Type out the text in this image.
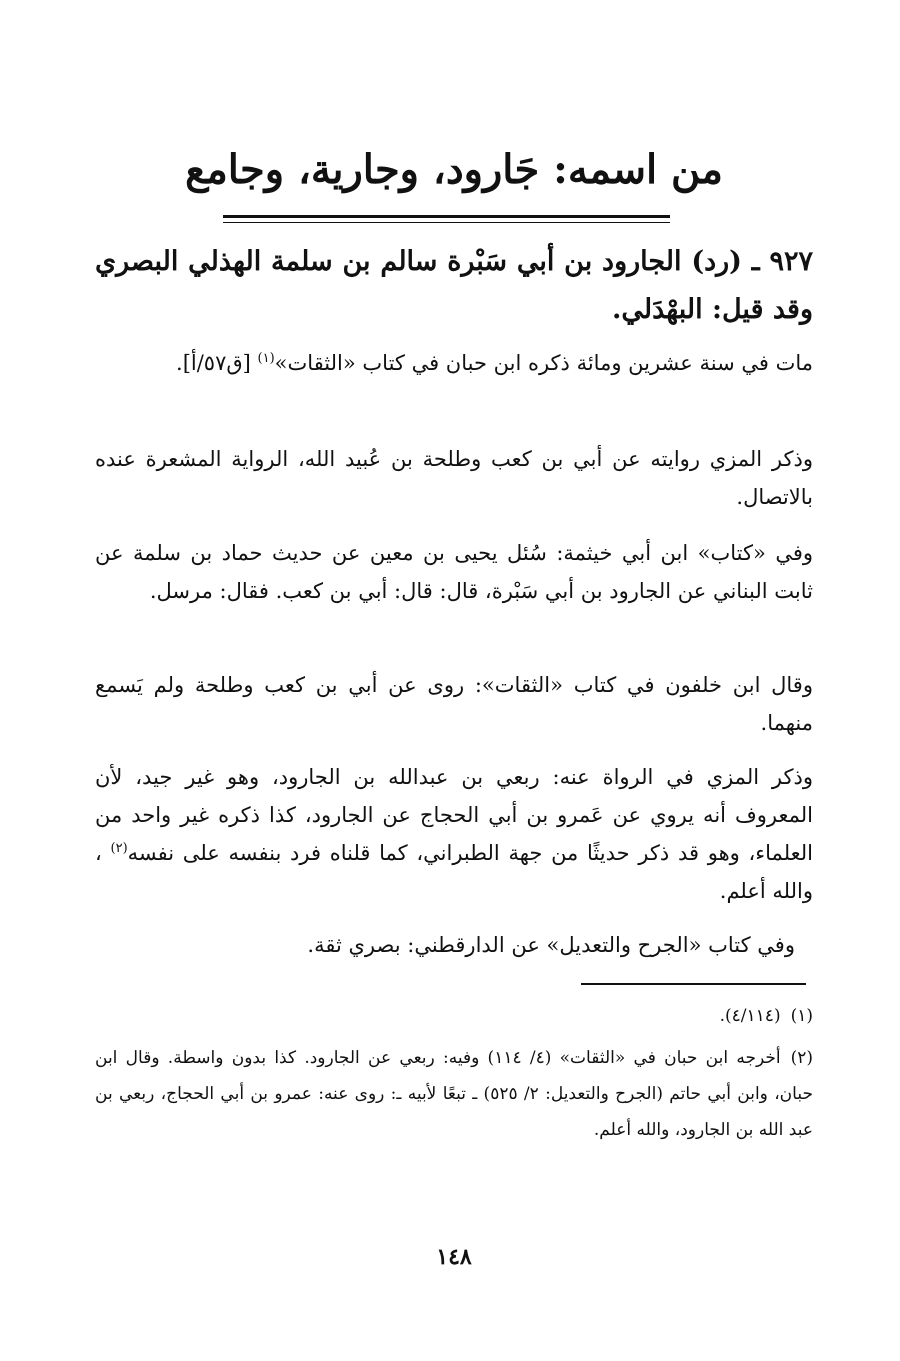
من اسمه: جَارود، وجارية، وجامع
٩٢٧ ـ (رد) الجارود بن أبي سَبْرة سالم بن سلمة الهذلي البصري وقد قيل: البهْدَلي.

مات في سنة عشرين ومائة ذكره ابن حبان في كتاب «الثقات»$^{(١)}$ [ق٥٧/أ].

وذكر المزي روايته عن أبي بن كعب وطلحة بن عُبيد الله، الرواية المشعرة عنده بالاتصال.

وفي «كتاب» ابن أبي خيثمة: سُئل يحيى بن معين عن حديث حماد بن سلمة عن ثابت البناني عن الجارود بن أبي سَبْرة، قال: قال: أبي بن كعب. فقال: مرسل.

وقال ابن خلفون في كتاب «الثقات»: روى عن أبي بن كعب وطلحة ولم يَسمع منهما.

وذكر المزي في الرواة عنه: ربعي بن عبدالله بن الجارود، وهو غير جيد، لأن المعروف أنه يروي عن عَمرو بن أبي الحجاج عن الجارود، كذا ذكره غير واحد من العلماء، وهو قد ذكر حديثًا من جهة الطبراني، كما قلناه فرد بنفسه على نفسه$^{(٢)}$ ، والله أعلم.

وفي كتاب «الجرح والتعديل» عن الدارقطني: بصري ثقة.

(١)(٤/١١٤).

(٢)أخرجه ابن حبان في «الثقات» (٤/ ١١٤) وفيه: ربعي عن الجارود. كذا بدون واسطة. وقال ابن حبان، وابن أبي حاتم (الجرح والتعديل: ٢/ ٥٢٥) ـ تبعًا لأبيه ـ: روى عنه: عمرو بن أبي الحجاج، ربعي بن عبد الله بن الجارود، والله أعلم.

١٤٨
